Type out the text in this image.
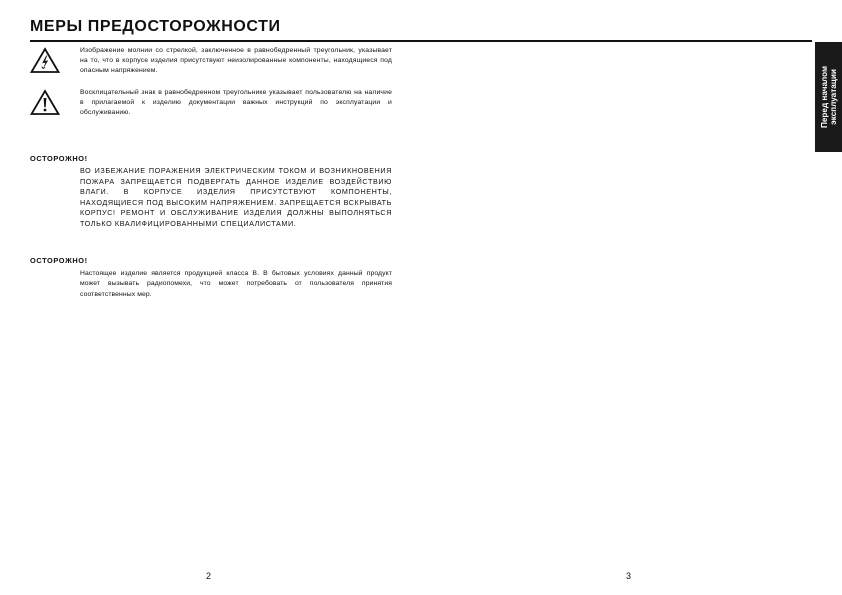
МЕРЫ ПРЕДОСТОРОЖНОСТИ

Изображение молнии со стрелкой, заключенное в равнобедренный треугольник, указывает на то, что в корпусе изделия присутствуют неизолированные компоненты, находящиеся под опасным напряжением.

Восклицательный знак в равнобедренном треугольнике указывает пользователю на наличие в прилагаемой к изделию документации важных инструкций по эксплуатации и обслуживанию.

ОСТОРОЖНО!

ВО ИЗБЕЖАНИЕ ПОРАЖЕНИЯ ЭЛЕКТРИЧЕСКИМ ТОКОМ И ВОЗНИКНОВЕНИЯ ПОЖАРА ЗАПРЕЩАЕТСЯ ПОДВЕРГАТЬ ДАННОЕ ИЗДЕЛИЕ ВОЗДЕЙСТВИЮ ВЛАГИ. В КОРПУСЕ ИЗДЕЛИЯ ПРИСУТСТВУЮТ КОМПОНЕНТЫ, НАХОДЯЩИЕСЯ ПОД ВЫСОКИМ НАПРЯЖЕНИЕМ. ЗАПРЕЩАЕТСЯ ВСКРЫВАТЬ КОРПУС! РЕМОНТ И ОБСЛУЖИВАНИЕ ИЗДЕЛИЯ ДОЛЖНЫ ВЫПОЛНЯТЬСЯ ТОЛЬКО КВАЛИФИЦИРОВАННЫМИ СПЕЦИАЛИСТАМИ.

ОСТОРОЖНО!

Настоящее изделие является продукцией класса B. В бытовых условиях данный продукт может вызывать радиопомехи, что может потребовать от пользователя принятия соответственных мер.

2	3
Перед началом эксплуатации
